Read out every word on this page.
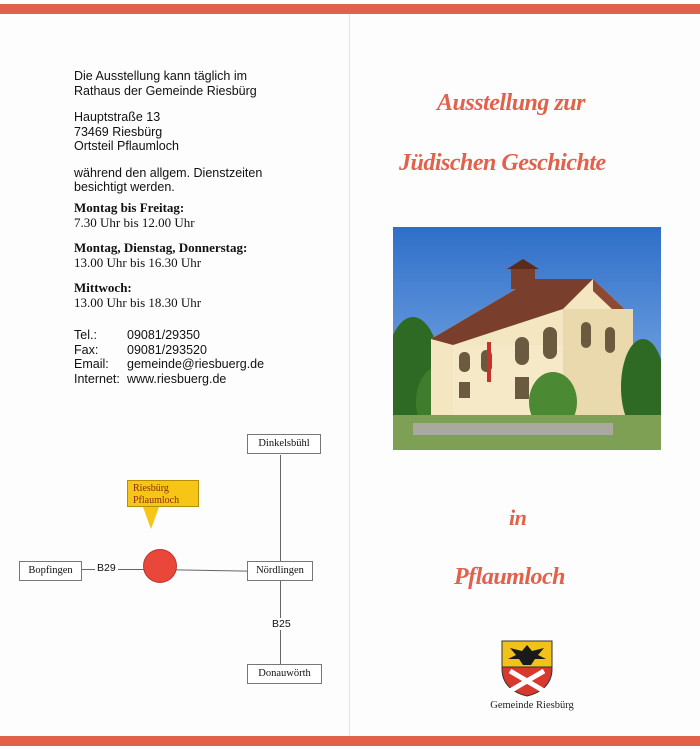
Die Ausstellung kann täglich im
Rathaus der Gemeinde Riesbürg

Hauptstraße 13
73469 Riesbürg
Ortsteil Pflaumloch

während den allgem. Dienstzeiten
besichtigt werden.

Montag bis Freitag:
7.30 Uhr bis 12.00 Uhr
Montag, Dienstag, Donnerstag:
13.00 Uhr bis 16.30 Uhr
Mittwoch:
13.00 Uhr bis 18.30 Uhr
Tel.: 09081/29350
Fax: 09081/293520
Email: gemeinde@riesbuerg.de
Internet: www.riesbuerg.de
Dinkelsbühl
Bopfingen	Nördlingen
Donauwörth
B29
B25
Riesbürg
Pflaumloch
Ausstellung zur
Jüdischen Geschichte
in
Pflaumloch
Gemeinde Riesbürg
